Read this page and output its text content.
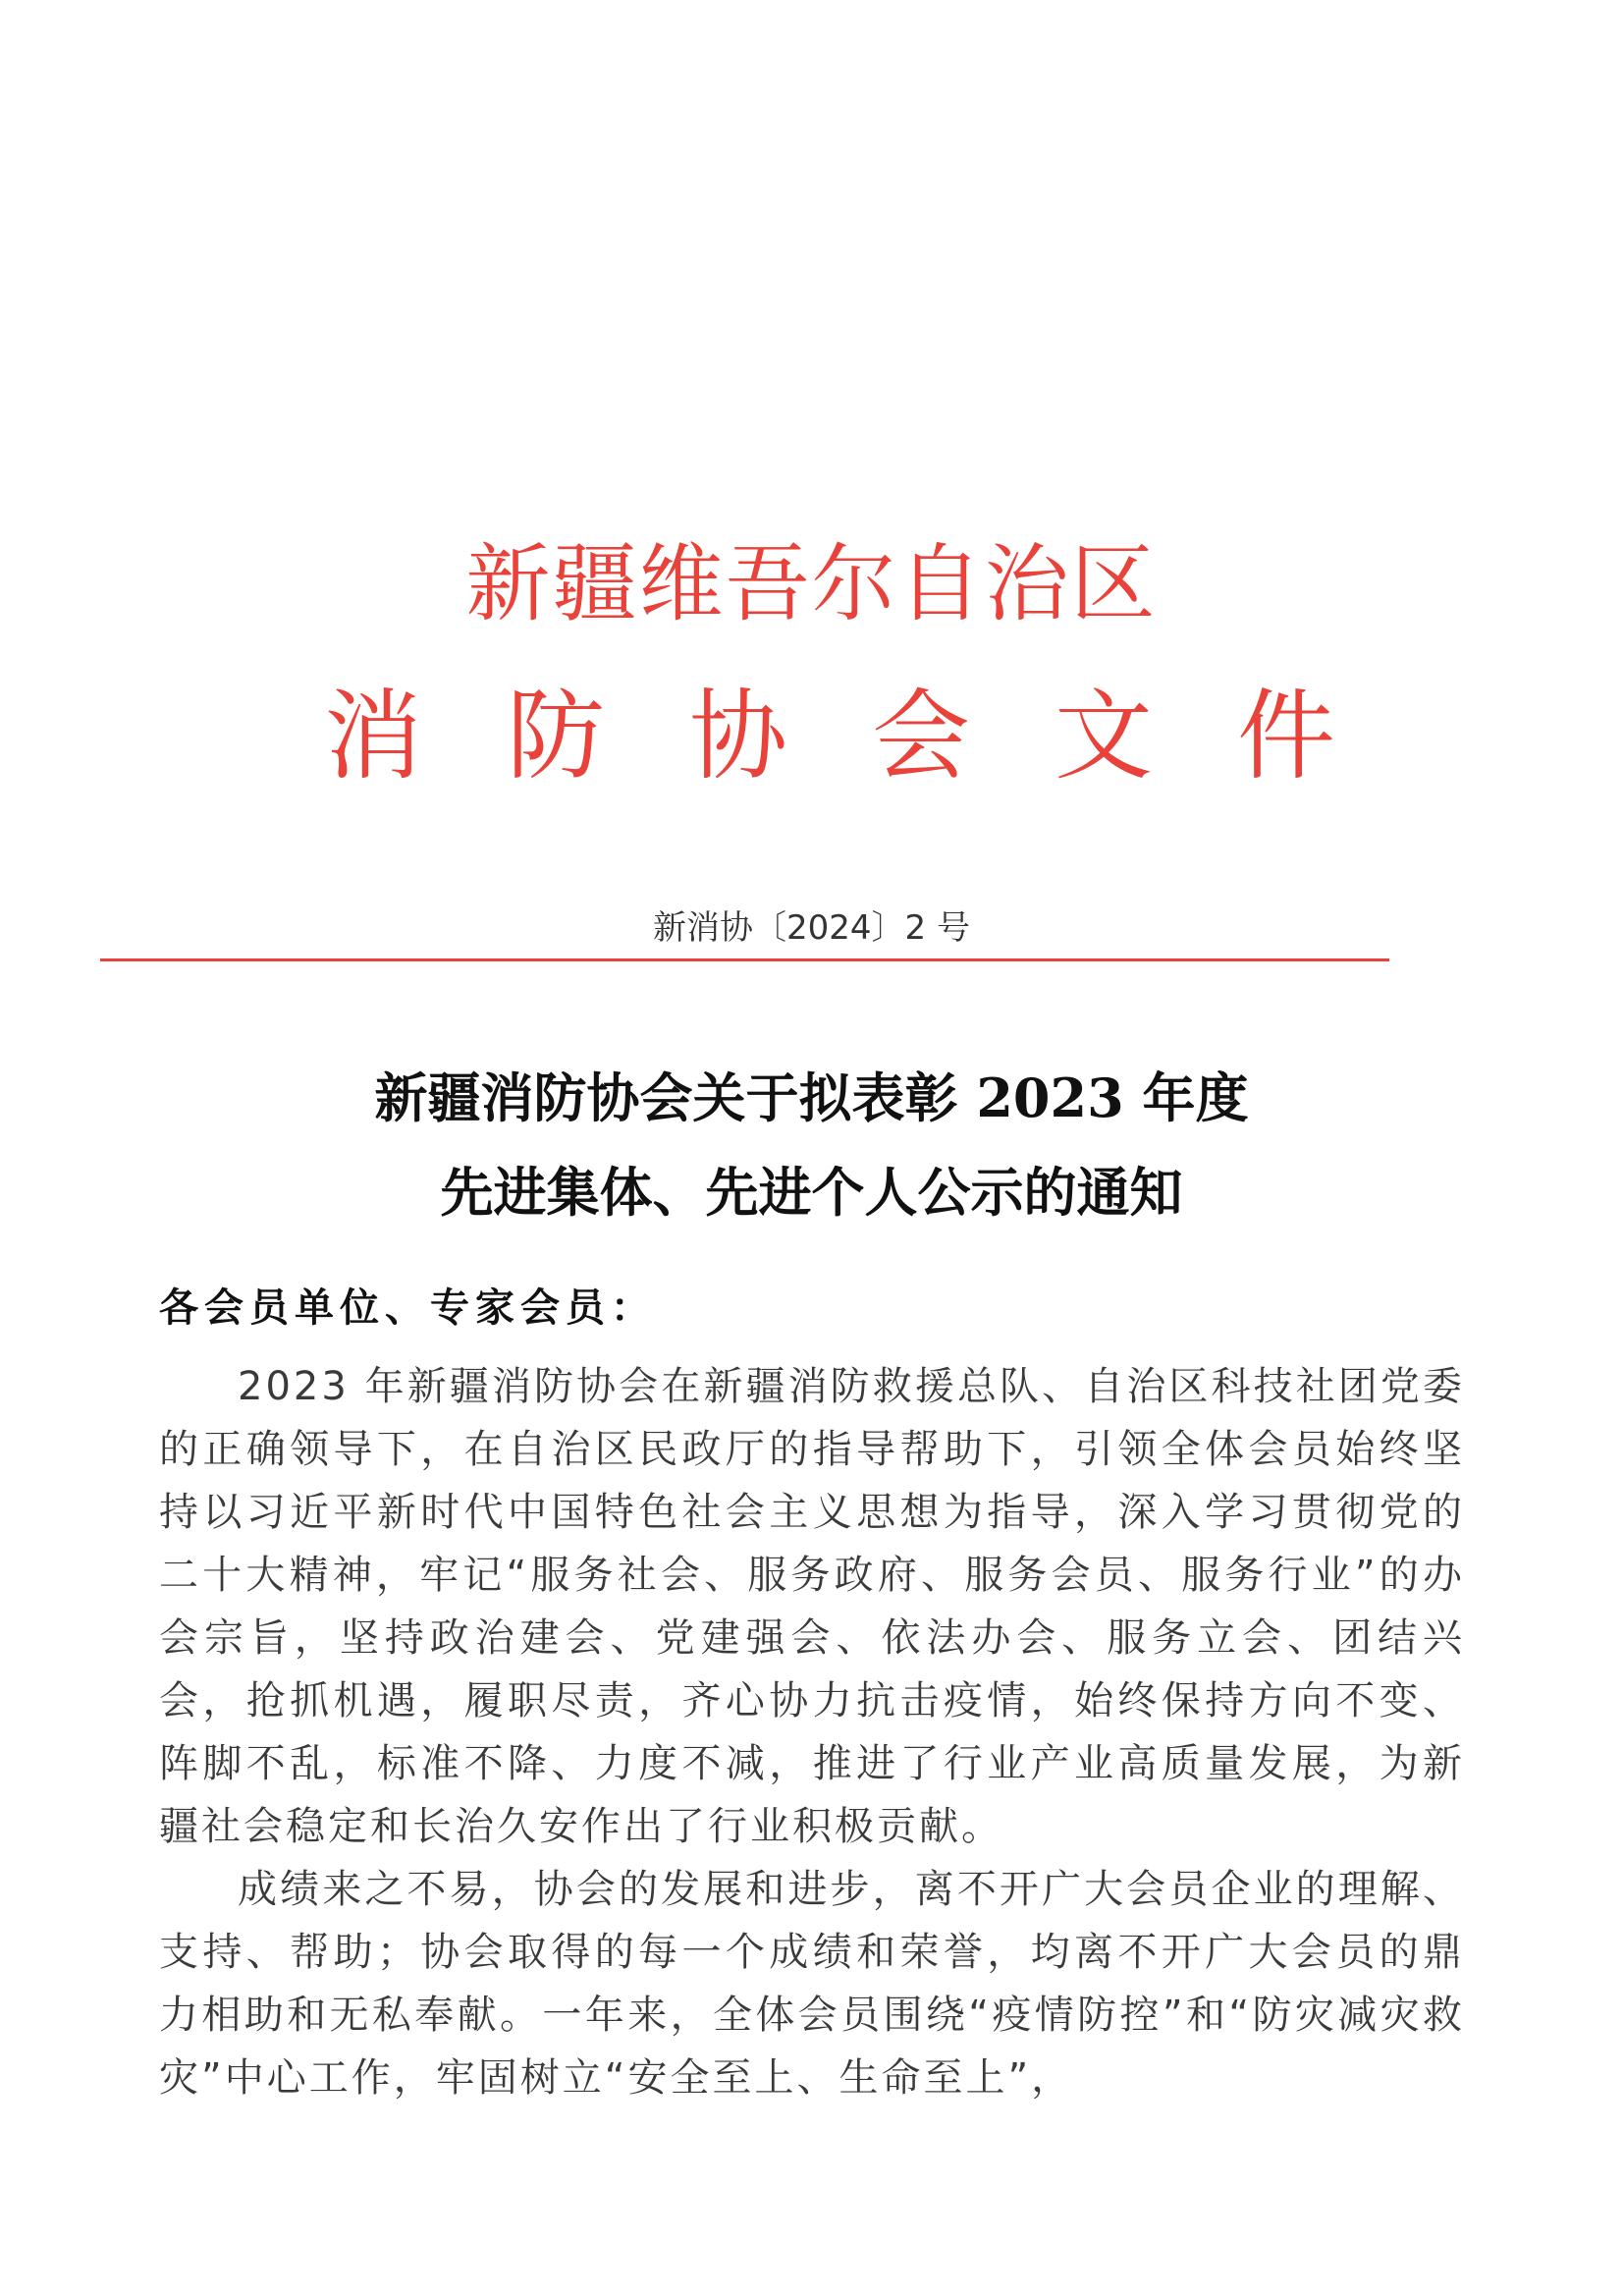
新疆维吾尔自治区
消 防 协 会 文 件
新消协〔2024〕2 号
新疆消防协会关于拟表彰 2023 年度
先进集体、先进个人公示的通知
各会员单位、专家会员：

2023 年新疆消防协会在新疆消防救援总队、自治区科技社团党委的正确领导下，在自治区民政厅的指导帮助下，引领全体会员始终坚持以习近平新时代中国特色社会主义思想为指导，深入学习贯彻党的二十大精神，牢记“服务社会、服务政府、服务会员、服务行业”的办会宗旨，坚持政治建会、党建强会、依法办会、服务立会、团结兴会，抢抓机遇，履职尽责，齐心协力抗击疫情，始终保持方向不变、阵脚不乱，标准不降、力度不减，推进了行业产业高质量发展，为新疆社会稳定和长治久安作出了行业积极贡献。

成绩来之不易，协会的发展和进步，离不开广大会员企业的理解、支持、帮助；协会取得的每一个成绩和荣誉，均离不开广大会员的鼎力相助和无私奉献。一年来，全体会员围绕“疫情防控”和“防灾减灾救灾”中心工作，牢固树立“安全至上、生命至上”，
